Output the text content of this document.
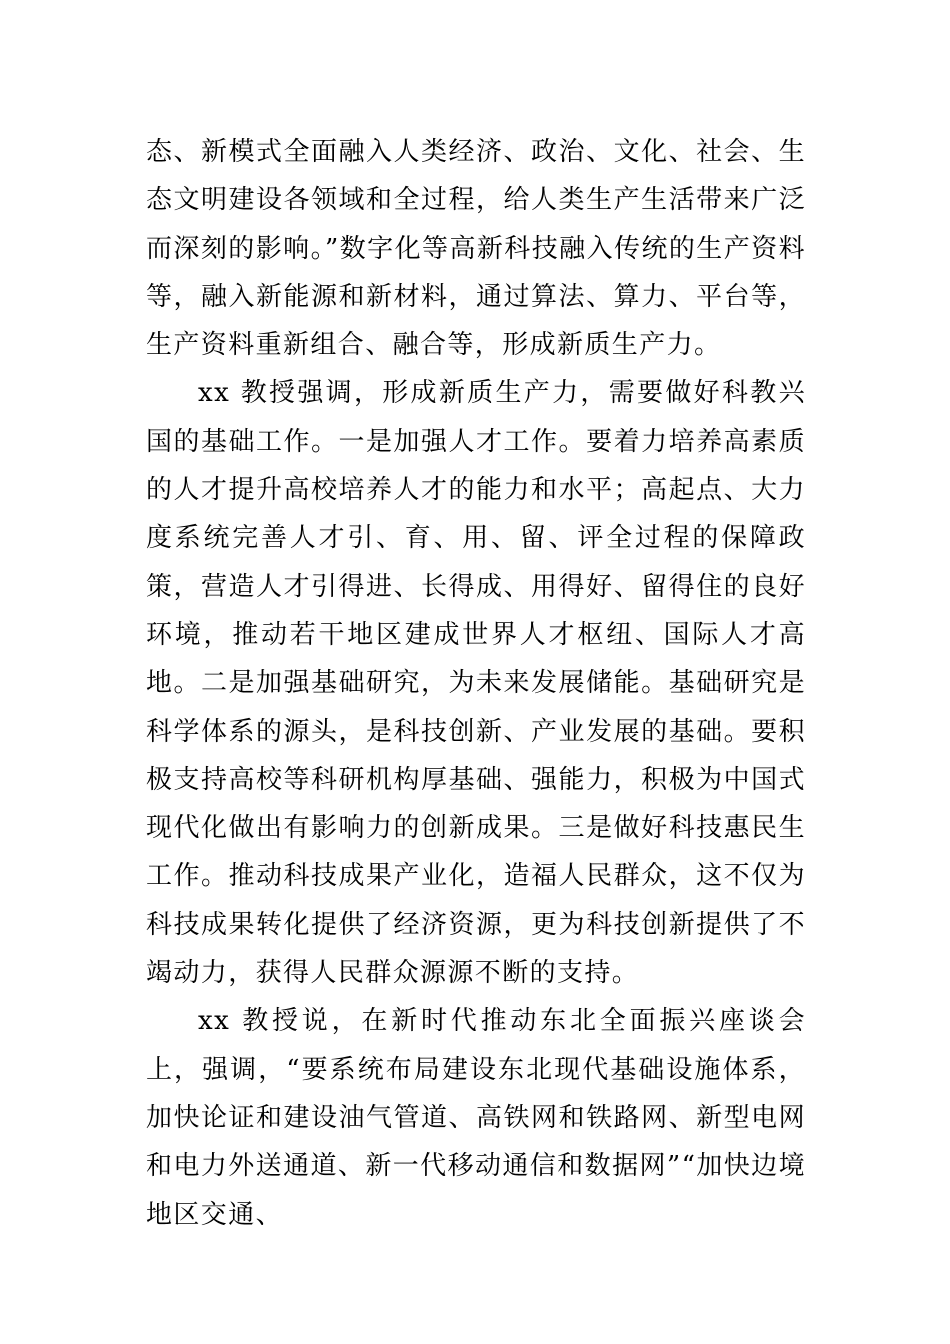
态、新模式全面融入人类经济、政治、文化、社会、生态文明建设各领域和全过程，给人类生产生活带来广泛而深刻的影响。”数字化等高新科技融入传统的生产资料等，融入新能源和新材料，通过算法、算力、平台等，生产资料重新组合、融合等，形成新质生产力。

xx 教授强调，形成新质生产力，需要做好科教兴国的基础工作。一是加强人才工作。要着力培养高素质的人才提升高校培养人才的能力和水平；高起点、大力度系统完善人才引、育、用、留、评全过程的保障政策，营造人才引得进、长得成、用得好、留得住的良好环境，推动若干地区建成世界人才枢纽、国际人才高地。二是加强基础研究，为未来发展储能。基础研究是科学体系的源头，是科技创新、产业发展的基础。要积极支持高校等科研机构厚基础、强能力，积极为中国式现代化做出有影响力的创新成果。三是做好科技惠民生工作。推动科技成果产业化，造福人民群众，这不仅为科技成果转化提供了经济资源，更为科技创新提供了不竭动力，获得人民群众源源不断的支持。

xx 教授说，在新时代推动东北全面振兴座谈会上，强调，“要系统布局建设东北现代基础设施体系，加快论证和建设油气管道、高铁网和铁路网、新型电网和电力外送通道、新一代移动通信和数据网”“加快边境地区交通、
